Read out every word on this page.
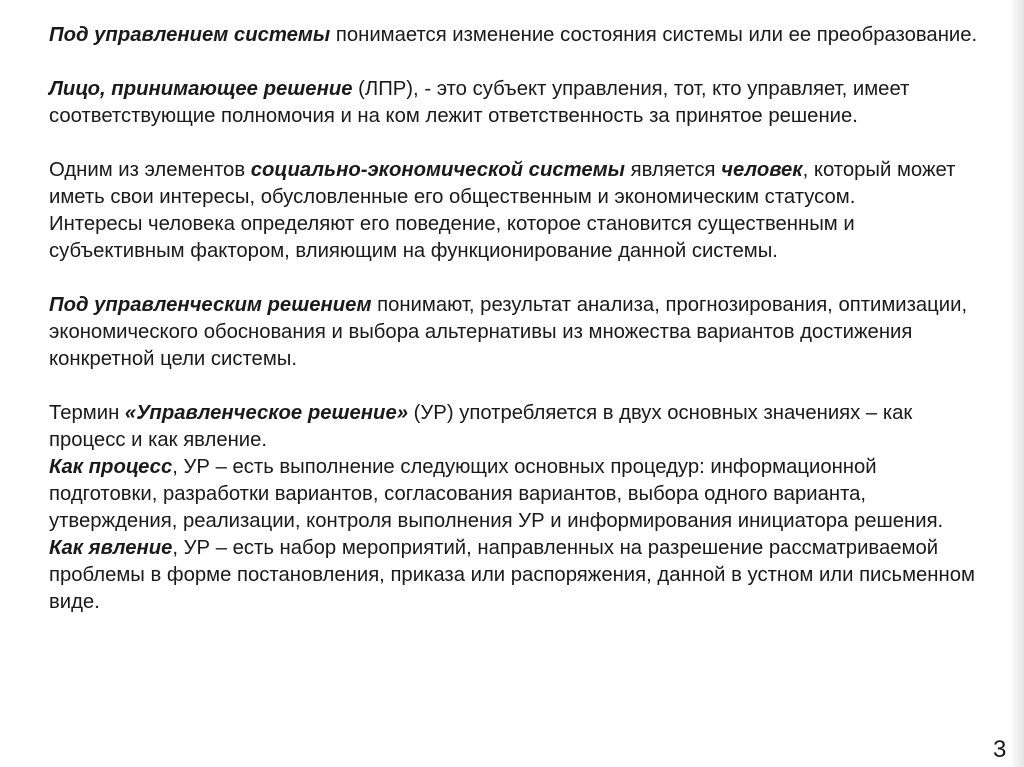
Под управлением системы понимается изменение состояния системы или ее преобразование.

Лицо, принимающее решение (ЛПР), - это субъект управления, тот, кто управляет, имеет соответствующие полномочия и на ком лежит ответственность за принятое решение.

Одним из элементов социально-экономической системы является человек, который может иметь свои интересы, обусловленные его общественным и экономическим статусом.

Интересы человека определяют его поведение, которое становится существенным и субъективным фактором, влияющим на функционирование данной системы.

Под управленческим решением понимают, результат анализа, прогнозирования, оптимизации, экономического обоснования и выбора альтернативы из множества вариантов достижения конкретной цели системы.

Термин «Управленческое решение» (УР) употребляется в двух основных значениях – как процесс и как явление.

Как процесс, УР – есть выполнение следующих основных процедур: информационной подготовки, разработки вариантов, согласования вариантов, выбора одного варианта, утверждения, реализации, контроля выполнения УР и информирования инициатора решения.

Как явление, УР – есть набор мероприятий, направленных на разрешение рассматриваемой проблемы в форме постановления, приказа или распоряжения, данной в устном или письменном виде.

3
